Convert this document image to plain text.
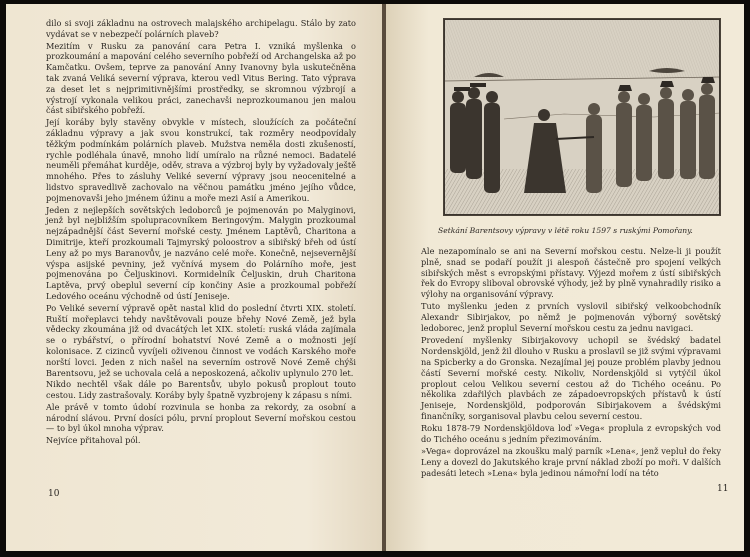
dilo si svoji základnu na ostrovech malajského archipelagu. Stálo by zato vydávat se v nebezpečí polárních plaveb?

Mezitím v Rusku za panování cara Petra I. vzniká myšlenka o prozkoumání a mapování celého severního pobřeží od Archangelska až po Kamčatku. Ovšem, teprve za panování Anny Ivanovny byla uskutečněna tak zvaná Veliká severní výprava, kterou vedl Vitus Bering. Tato výprava za deset let s nejprimitivnějšími prostředky, se skromnou výzbrojí a výstrojí vykonala velikou práci, zanechavši neprozkoumanou jen malou část sibiřského pobřeží.

Její koráby byly stavěny obvykle v místech, sloužících za počáteční základnu výpravy a jak svou konstrukcí, tak rozměry neodpovídaly těžkým podmínkám polárních plaveb. Mužstva neměla dosti zkušeností, rychle podléhala únavě, mnoho lidí umíralo na různé nemoci. Badatelé neuměli přemáhat kurděje, oděv, strava a výzbroj byly by vyžadovaly ještě mnohého. Přes to zásluhy Veliké severní výpravy jsou neocenitelné a lidstvo spravedlivě zachovalo na věčnou památku jméno jejího vůdce, pojmenovavši jeho jménem úžinu a moře mezi Asií a Amerikou.

Jeden z nejlepších sovětských ledoborců je pojmenován po Malyginovi, jenž byl nejbližším spolupracovníkem Beringovým. Malygin prozkoumal nejzápadnější část Severní mořské cesty. Jménem Laptěvů, Charitona a Dimitrije, kteří prozkoumali Tajmyrský poloostrov a sibiřský břeh od ústí Leny až po mys Baranovův, je nazváno celé moře. Konečně, nejsevernější výspa asijské pevniny, jež vyčnívá mysem do Polárního moře, jest pojmenována po Čeljuskinovi. Kormidelník Čeljuskin, druh Charitona Laptěva, prvý obeplul severní cíp končiny Asie a prozkoumal pobřeží Ledového oceánu východně od ústí Jeniseje.

Po Veliké severní výpravě opět nastal klid do poslední čtvrti XIX. století. Ruští mořeplavci tehdy navštěvovali pouze břehy Nové Země, jež byla vědecky zkoumána již od dvacátých let XIX. století: ruská vláda zajímala se o rybářství, o přírodní bohatství Nové Země a o možnosti její kolonisace. Z cizinců vyvíjeli oživenou činnost ve vodách Karského moře norští lovci. Jeden z nich našel na severním ostrově Nové Země chýši Barentsovu, jež se uchovala celá a neposkozená, ačkoliv uplynulo 270 let.

Nikdo nechtěl však dále po Barentsův, ubylo pokusů proplout touto cestou. Lidy zastrašovaly. Koráby byly špatně vyzbrojeny k zápasu s ními.

Ale právě v tomto údobí rozvinula se honba za rekordy, za osobní a národní slávou. První dosíci pólu, první proplout Severní mořskou cestou — to byl úkol mnoha výprav.

Nejvíce přitahoval pól.

10
Setkání Barentsovy výpravy v létě roku 1597 s ruskými Pomořany.

Ale nezapomínalo se ani na Severní mořskou cestu. Nelze-li ji použít plně, snad se podaří použít ji alespoň částečně pro spojení velkých sibiřských měst s evropskými přístavy. Výjezd mořem z ústí sibiřských řek do Evropy sliboval obrovské výhody, jež by plně vynahradily risiko a výlohy na organisování výpravy.

Tuto myšlenku jeden z prvních vyslovil sibiřský velkoobchodník Alexandr Sibirjakov, po němž je pojmenován výborný sovětský ledoborec, jenž proplul Severní mořskou cestu za jednu navigaci.

Provedení myšlenky Sibirjakovovy uchopil se švédský badatel Nordenskjöld, jenž žil dlouho v Rusku a proslavil se již svými výpravami na Spicberky a do Gronska. Nezajímal jej pouze problém plavby jednou částí Severní mořské cesty. Nikoliv, Nordenskjöld si vytýčil úkol proplout celou Velikou severní cestou až do Tichého oceánu. Po několika zdařilých plavbách ze západoevropských přístavů k ústí Jeniseje, Nordenskjöld, podporován Sibirjakovem a švédskými finančníky, sorganisoval plavbu celou severní cestou.

Roku 1878-79 Nordenskjöldova loď »Vega« proplula z evropských vod do Tichého oceánu s jedním přezimováním.

»Vega« doprovázel na zkoušku malý parník »Lena«, jenž vepluł do řeky Leny a dovezl do Jakutského kraje první náklad zboží po moři. V dalších padesáti letech »Lena« byla jedinou námořní lodí na této

11
